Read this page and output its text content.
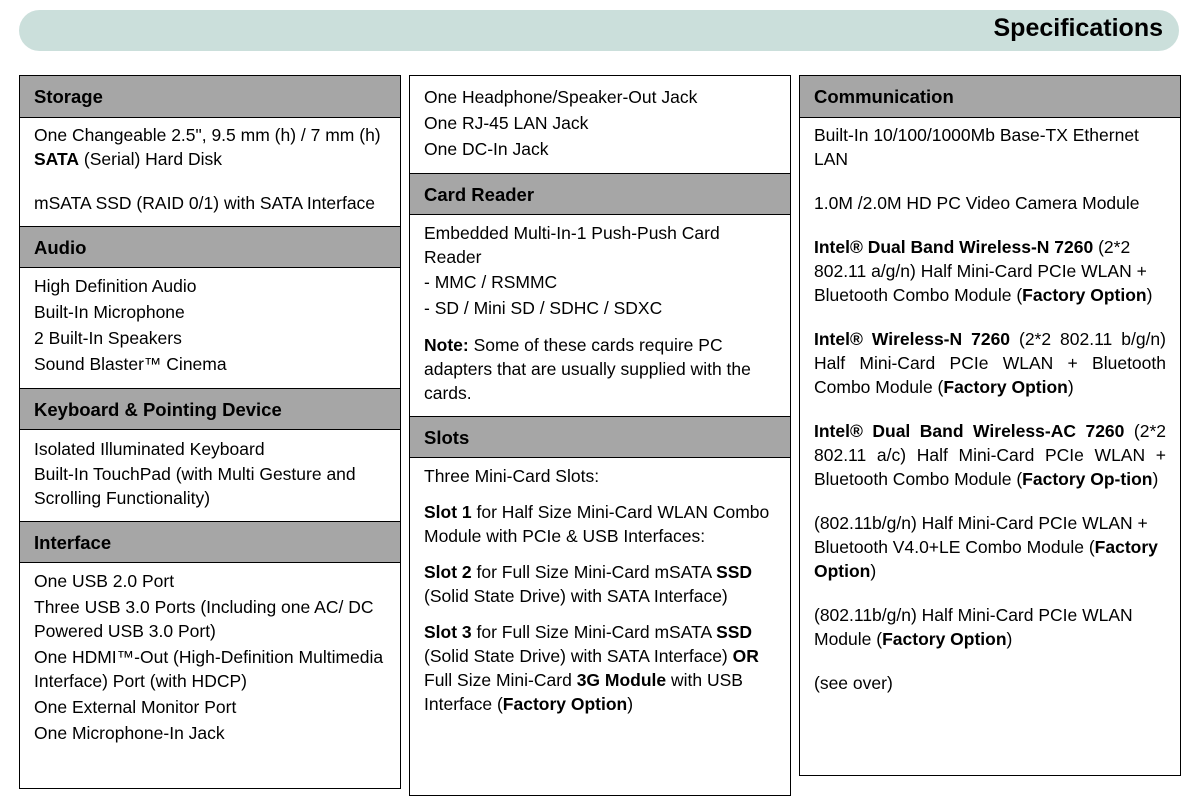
Specifications
Storage

One Changeable 2.5", 9.5 mm (h) / 7 mm (h) SATA (Serial) Hard Disk

mSATA SSD (RAID 0/1) with SATA Interface

Audio

High Definition Audio

Built-In Microphone

2 Built-In Speakers

Sound Blaster™ Cinema

Keyboard & Pointing Device

Isolated Illuminated Keyboard

Built-In TouchPad (with Multi Gesture and Scrolling Functionality)

Interface

One USB 2.0 Port

Three USB 3.0 Ports (Including one AC/ DC Powered USB 3.0 Port)

One HDMI™-Out (High-Definition Multimedia Interface) Port (with HDCP)

One External Monitor Port

One Microphone-In Jack

One Headphone/Speaker-Out Jack

One RJ-45 LAN Jack

One DC-In Jack

Card Reader

Embedded Multi-In-1 Push-Push Card Reader

- MMC / RSMMC

- SD / Mini SD / SDHC / SDXC

Note: Some of these cards require PC adapters that are usually supplied with the cards.

Slots

Three Mini-Card Slots:

Slot 1 for Half Size Mini-Card WLAN Combo Module with PCIe & USB Interfaces:

Slot 2 for Full Size Mini-Card mSATA SSD (Solid State Drive) with SATA Interface)

Slot 3 for Full Size Mini-Card mSATA SSD (Solid State Drive) with SATA Interface) OR Full Size Mini-Card 3G Module with USB Interface (Factory Option)

Communication

Built-In 10/100/1000Mb Base-TX Ethernet LAN

1.0M /2.0M HD PC Video Camera Module

Intel® Dual Band Wireless-N 7260 (2*2 802.11 a/g/n) Half Mini-Card PCIe WLAN + Bluetooth Combo Module (Factory Option)

Intel® Wireless-N 7260 (2*2 802.11 b/g/n) Half Mini-Card PCIe WLAN + Bluetooth Combo Module (Factory Option)

Intel® Dual Band Wireless-AC 7260 (2*2 802.11 a/c) Half Mini-Card PCIe WLAN + Bluetooth Combo Module (Factory Op-tion)

(802.11b/g/n) Half Mini-Card PCIe WLAN + Bluetooth V4.0+LE Combo Module (Factory Option)

(802.11b/g/n) Half Mini-Card PCIe WLAN Module (Factory Option)

(see over)
